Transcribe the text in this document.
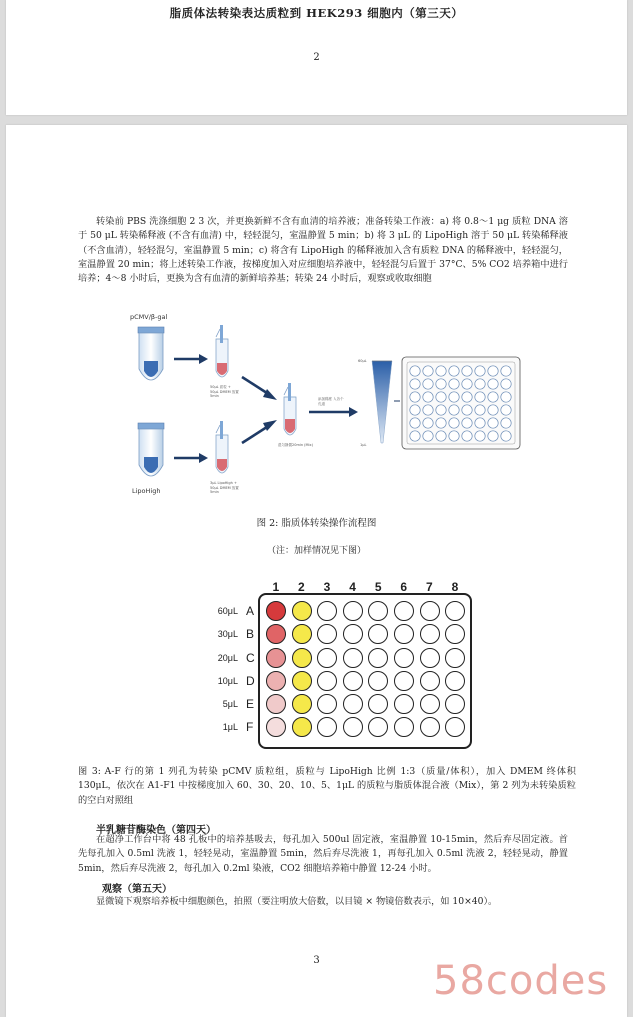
脂质体法转染表达质粒到 HEK293 细胞内（第三天）
2
转染前 PBS 洗涤细胞 2 3 次，并更换新鲜不含有血清的培养液；准备转染工作液：a) 将 0.8～1 μg 质粒 DNA 溶于 50 μL 转染稀释液 (不含有血清) 中，轻轻混匀，室温静置 5 min；b) 将 3 μL 的 LipoHigh 溶于 50 μL 转染稀释液（不含血清），轻轻混匀，室温静置 5 min；c) 将含有 LipoHigh 的稀释液加入含有质粒 DNA 的稀释液中，轻轻混匀，室温静置 20 min；将上述转染工作液，按梯度加入对应细胞培养液中，轻轻混匀后置于 37°C、5% CO2 培养箱中进行培养；4～8 小时后，更换为含有血清的新鲜培养基；转染 24 小时后，观察或收取细胞
pCMV/β-gal
LipoHigh
50μL 质粒 + 50μL DMEM 放置5min
3μL LipoHigh + 50μL DMEM 放置5min
混匀静置20min (Mix)
添加梯度 入各个孔道
60μL
1μL
图 2: 脂质体转染操作流程图
（注：加样情况见下图）
1	2	3	4	5	6	7	8
60μL
30μL
20μL
10μL
5μL
1μL
A
B
C
D
E
F
图 3: A-F 行的第 1 列孔为转染 pCMV 质粒组，质粒与 LipoHigh 比例 1:3（质量/体积），加入 DMEM 终体积 130μL，依次在 A1-F1 中按梯度加入 60、30、20、10、5、1μL 的质粒与脂质体混合液（Mix），第 2 列为未转染质粒的空白对照组
半乳糖苷酶染色（第四天）
在超净工作台中将 48 孔板中的培养基吸去，每孔加入 500ul 固定液，室温静置 10-15min，然后弃尽固定液。首先每孔加入 0.5ml 洗液 1，轻轻晃动，室温静置 5min，然后弃尽洗液 1，再每孔加入 0.5ml 洗液 2，轻轻晃动，静置 5min，然后弃尽洗液 2，每孔加入 0.2ml 染液，CO2 细胞培养箱中静置 12-24 小时。
观察（第五天）
显微镜下观察培养板中细胞颜色，拍照（要注明放大倍数，以目镜 × 物镜倍数表示，如 10×40）。
3	58codes
